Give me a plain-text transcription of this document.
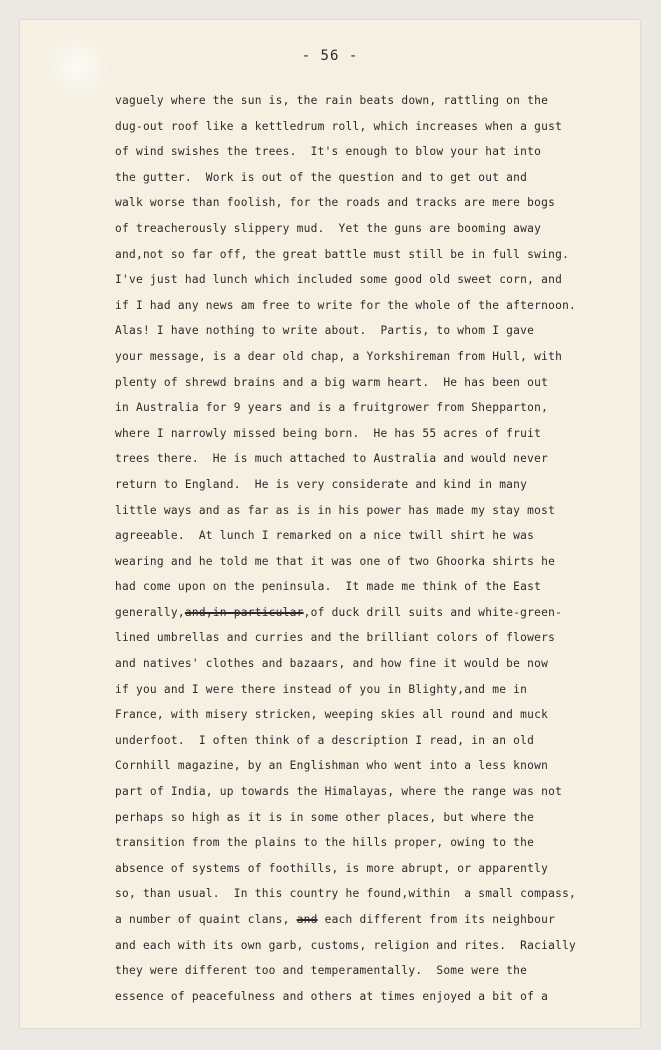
- 56 -
vaguely where the sun is, the rain beats down, rattling on the
dug-out roof like a kettledrum roll, which increases when a gust
of wind swishes the trees.  It's enough to blow your hat into
the gutter.  Work is out of the question and to get out and
walk worse than foolish, for the roads and tracks are mere bogs
of treacherously slippery mud.  Yet the guns are booming away
and,not so far off, the great battle must still be in full swing.
I've just had lunch which included some good old sweet corn, and
if I had any news am free to write for the whole of the afternoon.
Alas! I have nothing to write about.  Partis, to whom I gave
your message, is a dear old chap, a Yorkshireman from Hull, with
plenty of shrewd brains and a big warm heart.  He has been out
in Australia for 9 years and is a fruitgrower from Shepparton,
where I narrowly missed being born.  He has 55 acres of fruit
trees there.  He is much attached to Australia and would never
return to England.  He is very considerate and kind in many
little ways and as far as is in his power has made my stay most
agreeable.  At lunch I remarked on a nice twill shirt he was
wearing and he told me that it was one of two Ghoorka shirts he
had come upon on the peninsula.  It made me think of the East
generally,and,in particular,of duck drill suits and white-green-
lined umbrellas and curries and the brilliant colors of flowers
and natives' clothes and bazaars, and how fine it would be now
if you and I were there instead of you in Blighty,and me in
France, with misery stricken, weeping skies all round and muck
underfoot.  I often think of a description I read, in an old
Cornhill magazine, by an Englishman who went into a less known
part of India, up towards the Himalayas, where the range was not
perhaps so high as it is in some other places, but where the
transition from the plains to the hills proper, owing to the
absence of systems of foothills, is more abrupt, or apparently
so, than usual.  In this country he found,within  a small compass,
a number of quaint clans, and each different from its neighbour
and each with its own garb, customs, religion and rites.  Racially
they were different too and temperamentally.  Some were the
essence of peacefulness and others at times enjoyed a bit of a
